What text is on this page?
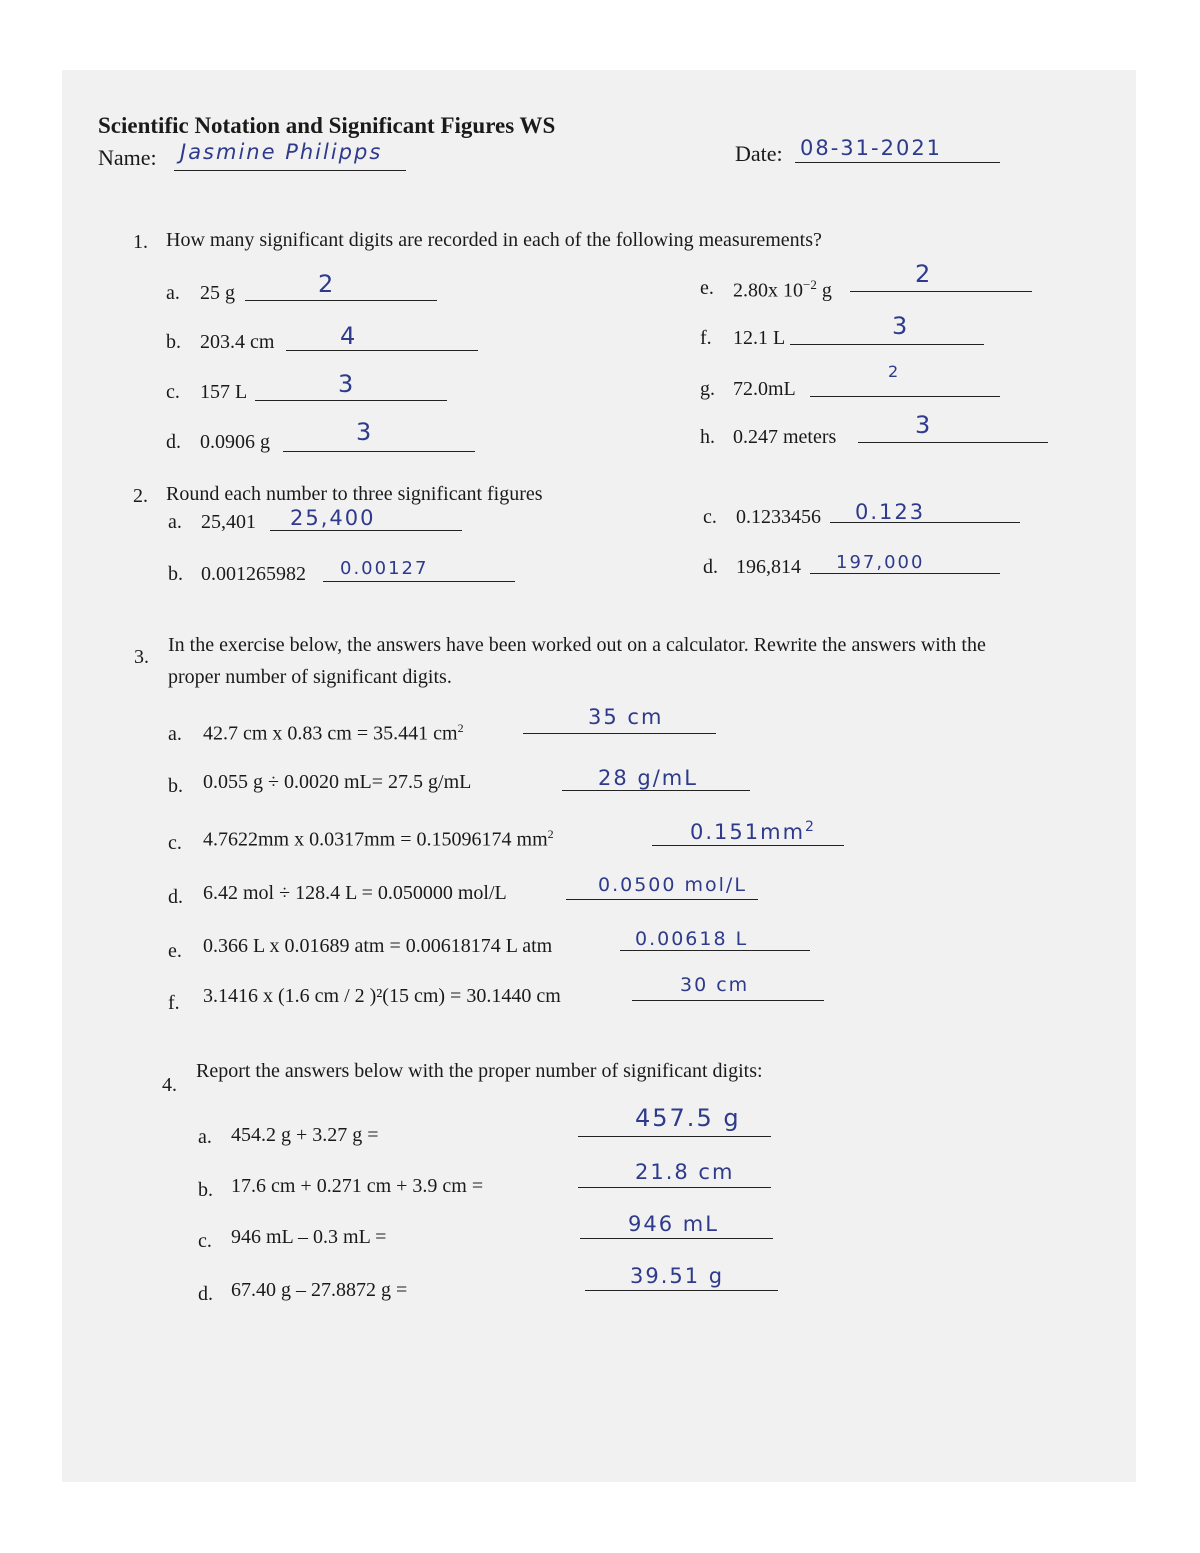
Scientific Notation and Significant Figures WS
Name: Jasmine Philipps	Date: 08-31-2021
1. How many significant digits are recorded in each of the following measurements?
a. 25 g	2
b. 203.4 cm	4
c. 157 L	3
d. 0.0906 g	3
e. 2.80x $10^{-2}$ g
2
f. 12.1 L	3
g. 72.0mL
2
h. 0.247 meters	3
2. Round each number to three significant figures
a. 25,401 25,400
b. 0.001265982 0.00127
c. 0.1233456 0.123
d. 196,814 197,000
3.
In the exercise below, the answers have been worked out on a calculator. Rewrite the answers with the
proper number of significant digits.
a. 42.7 cm x 0.83 cm = 35.441 $cm^2$	35 cm
b. 0.055 g ÷ 0.0020 mL= 27.5 g/mL	28 g/mL
c. 4.7622mm x 0.0317mm = 0.15096174 $mm^2$	$0.151mm^2$
d. 6.42 mol ÷ 128.4 L = 0.050000 mol/L	0.0500 mol/L
e. 0.366 L x 0.01689 atm = 0.00618174 L atm	0.00618 L
f. 3.1416 x (1.6 cm / 2 )²(15 cm) = 30.1440 cm	30 cm
4.
Report the answers below with the proper number of significant digits:
a. 454.2 g + 3.27 g =
457.5 g
b. 17.6 cm + 0.271 cm + 3.9 cm =
21.8 cm
c. 946 mL – 0.3 mL =
946 mL
d. 67.40 g – 27.8872 g =
39.51 g
